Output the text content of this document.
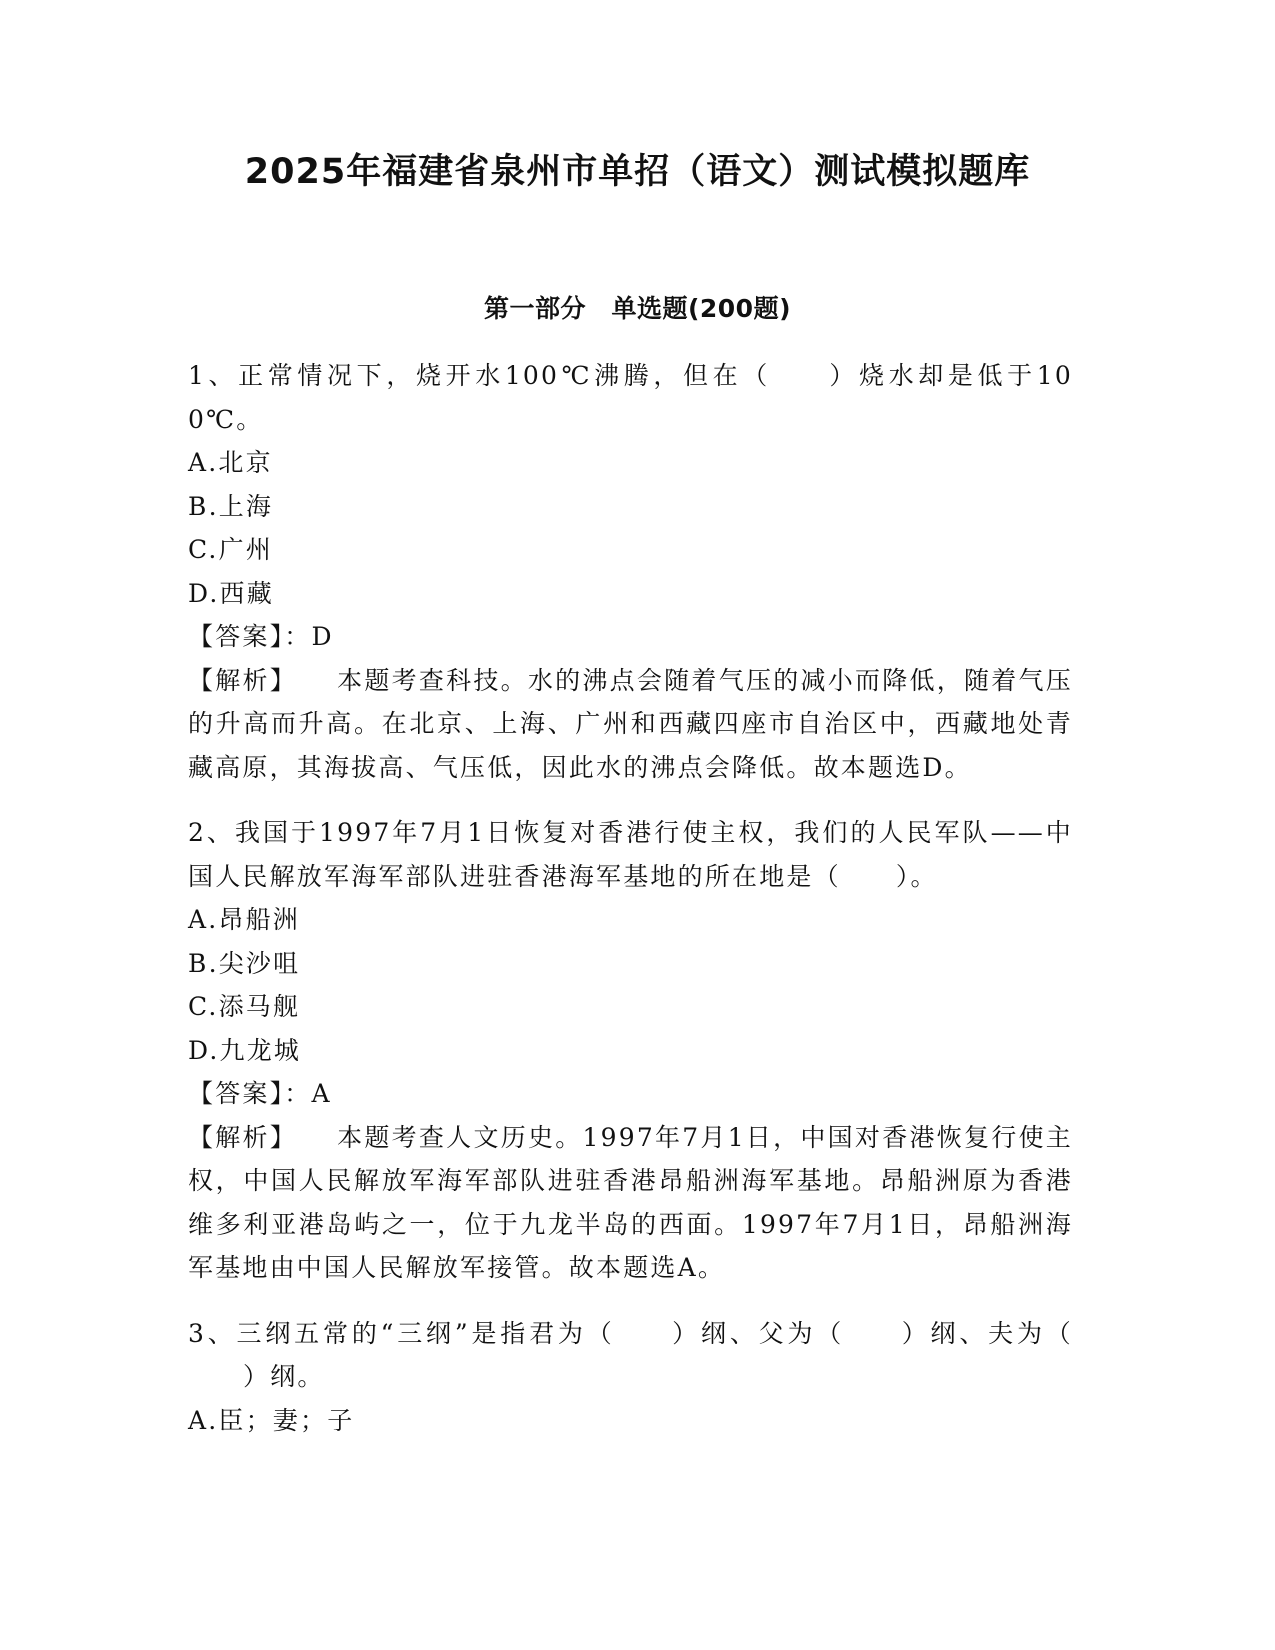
2025年福建省泉州市单招（语文）测试模拟题库
第一部分　单选题(200题)
1、正常情况下，烧开水100℃沸腾，但在（ ）烧水却是低于100℃。
A.北京
B.上海
C.广州
D.西藏
【答案】：D
【解析】 本题考查科技。水的沸点会随着气压的减小而降低，随着气压的升高而升高。在北京、上海、广州和西藏四座市自治区中，西藏地处青藏高原，其海拔高、气压低，因此水的沸点会降低。故本题选D。
2、我国于1997年7月1日恢复对香港行使主权，我们的人民军队——中国人民解放军海军部队进驻香港海军基地的所在地是（ ）。
A.昂船洲
B.尖沙咀
C.添马舰
D.九龙城
【答案】：A
【解析】 本题考查人文历史。1997年7月1日，中国对香港恢复行使主权，中国人民解放军海军部队进驻香港昂船洲海军基地。昂船洲原为香港维多利亚港岛屿之一，位于九龙半岛的西面。1997年7月1日，昂船洲海军基地由中国人民解放军接管。故本题选A。
3、三纲五常的“三纲”是指君为（ ）纲、父为（ ）纲、夫为（）纲。
A.臣；妻；子
